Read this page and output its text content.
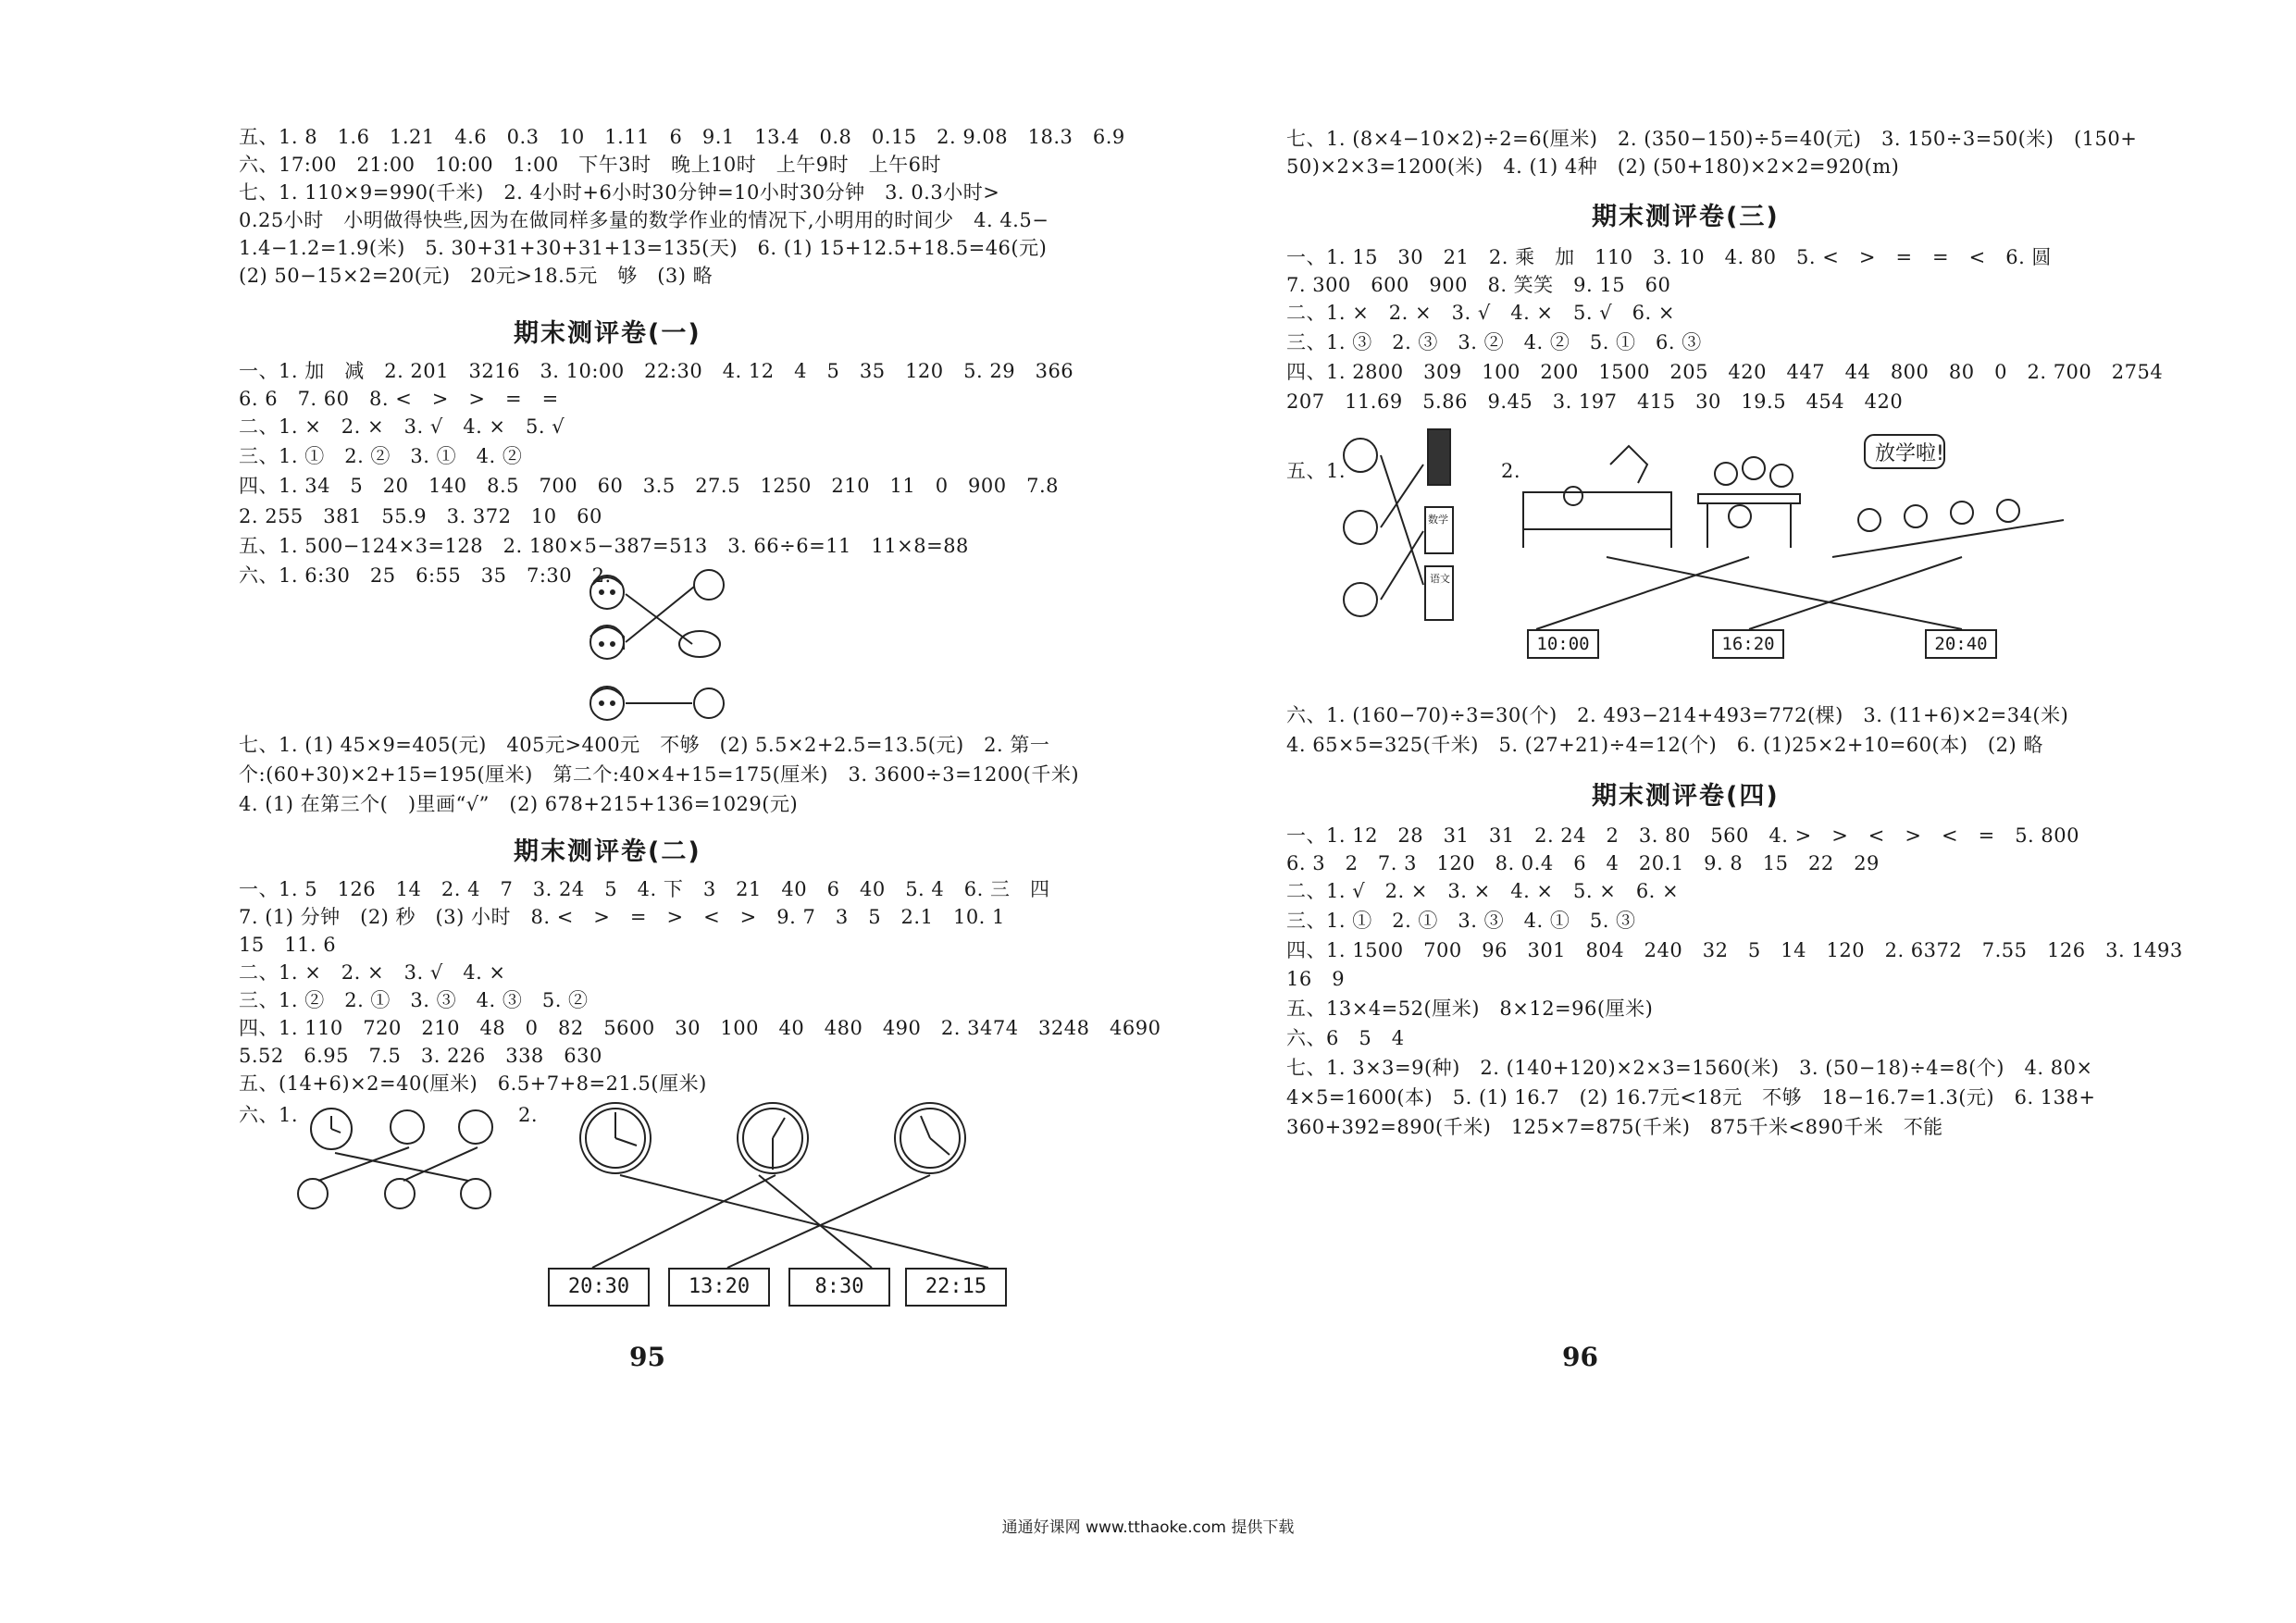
五、1. 8　1.6　1.21　4.6　0.3　10　1.11　6　9.1　13.4　0.8　0.15　2. 9.08　18.3　6.9
六、17:00　21:00　10:00　1:00　下午3时　晚上10时　上午9时　上午6时
七、1. 110×9=990(千米)　2. 4小时+6小时30分钟=10小时30分钟　3. 0.3小时>
0.25小时　小明做得快些,因为在做同样多量的数学作业的情况下,小明用的时间少　4. 4.5−
1.4−1.2=1.9(米)　5. 30+31+30+31+13=135(天)　6. (1) 15+12.5+18.5=46(元)
(2) 50−15×2=20(元)　20元>18.5元　够　(3) 略
期末测评卷(一)
一、1. 加　减　2. 201　3216　3. 10:00　22:30　4. 12　4　5　35　120　5. 29　366
6. 6　7. 60　8. <　>　>　=　=
二、1. ×　2. ×　3. √　4. ×　5. √
三、1. ①　2. ②　3. ①　4. ②
四、1. 34　5　20　140　8.5　700　60　3.5　27.5　1250　210　11　0　900　7.8
2. 255　381　55.9　3. 372　10　60
五、1. 500−124×3=128　2. 180×5−387=513　3. 66÷6=11　11×8=88
六、1. 6:30　25　6:55　35　7:30　2.
七、1. (1) 45×9=405(元)　405元>400元　不够　(2) 5.5×2+2.5=13.5(元)　2. 第一
个:(60+30)×2+15=195(厘米)　第二个:40×4+15=175(厘米)　3. 3600÷3=1200(千米)
4. (1) 在第三个(　)里画“√”　(2) 678+215+136=1029(元)
期末测评卷(二)
一、1. 5　126　14　2. 4　7　3. 24　5　4. 下　3　21　40　6　40　5. 4　6. 三　四
7. (1) 分钟　(2) 秒　(3) 小时　8. <　>　=　>　<　>　9. 7　3　5　2.1　10. 1
15　11. 6
二、1. ×　2. ×　3. √　4. ×
三、1. ②　2. ①　3. ③　4. ③　5. ②
四、1. 110　720　210　48　0　82　5600　30　100　40　480　490　2. 3474　3248　4690
5.52　6.95　7.5　3. 226　338　630
五、(14+6)×2=40(厘米)　6.5+7+8=21.5(厘米)
六、1.	2.
20:30	13:20	8:30	22:15
95
七、1. (8×4−10×2)÷2=6(厘米)　2. (350−150)÷5=40(元)　3. 150÷3=50(米)　(150+
50)×2×3=1200(米)　4. (1) 4种　(2) (50+180)×2×2=920(m)
期末测评卷(三)
一、1. 15　30　21　2. 乘　加　110　3. 10　4. 80　5. <　>　=　=　<　6. 圆
7. 300　600　900　8. 笑笑　9. 15　60
二、1. ×　2. ×　3. √　4. ×　5. √　6. ×
三、1. ③　2. ③　3. ②　4. ②　5. ①　6. ③
四、1. 2800　309　100　200　1500　205　420　447　44　800　80　0　2. 700　2754
207　11.69　5.86　9.45　3. 197　415　30　19.5　454　420
五、1.	2.
数学
语文
放学啦!
10:00	16:20	20:40
六、1. (160−70)÷3=30(个)　2. 493−214+493=772(棵)　3. (11+6)×2=34(米)
4. 65×5=325(千米)　5. (27+21)÷4=12(个)　6. (1)25×2+10=60(本)　(2) 略
期末测评卷(四)
一、1. 12　28　31　31　2. 24　2　3. 80　560　4. >　>　<　>　<　=　5. 800
6. 3　2　7. 3　120　8. 0.4　6　4　20.1　9. 8　15　22　29
二、1. √　2. ×　3. ×　4. ×　5. ×　6. ×
三、1. ①　2. ①　3. ③　4. ①　5. ③
四、1. 1500　700　96　301　804　240　32　5　14　120　2. 6372　7.55　126　3. 1493
16　9
五、13×4=52(厘米)　8×12=96(厘米)
六、6　5　4
七、1. 3×3=9(种)　2. (140+120)×2×3=1560(米)　3. (50−18)÷4=8(个)　4. 80×
4×5=1600(本)　5. (1) 16.7　(2) 16.7元<18元　不够　18−16.7=1.3(元)　6. 138+
360+392=890(千米)　125×7=875(千米)　875千米<890千米　不能
96
通通好课网 www.tthaoke.com 提供下载
